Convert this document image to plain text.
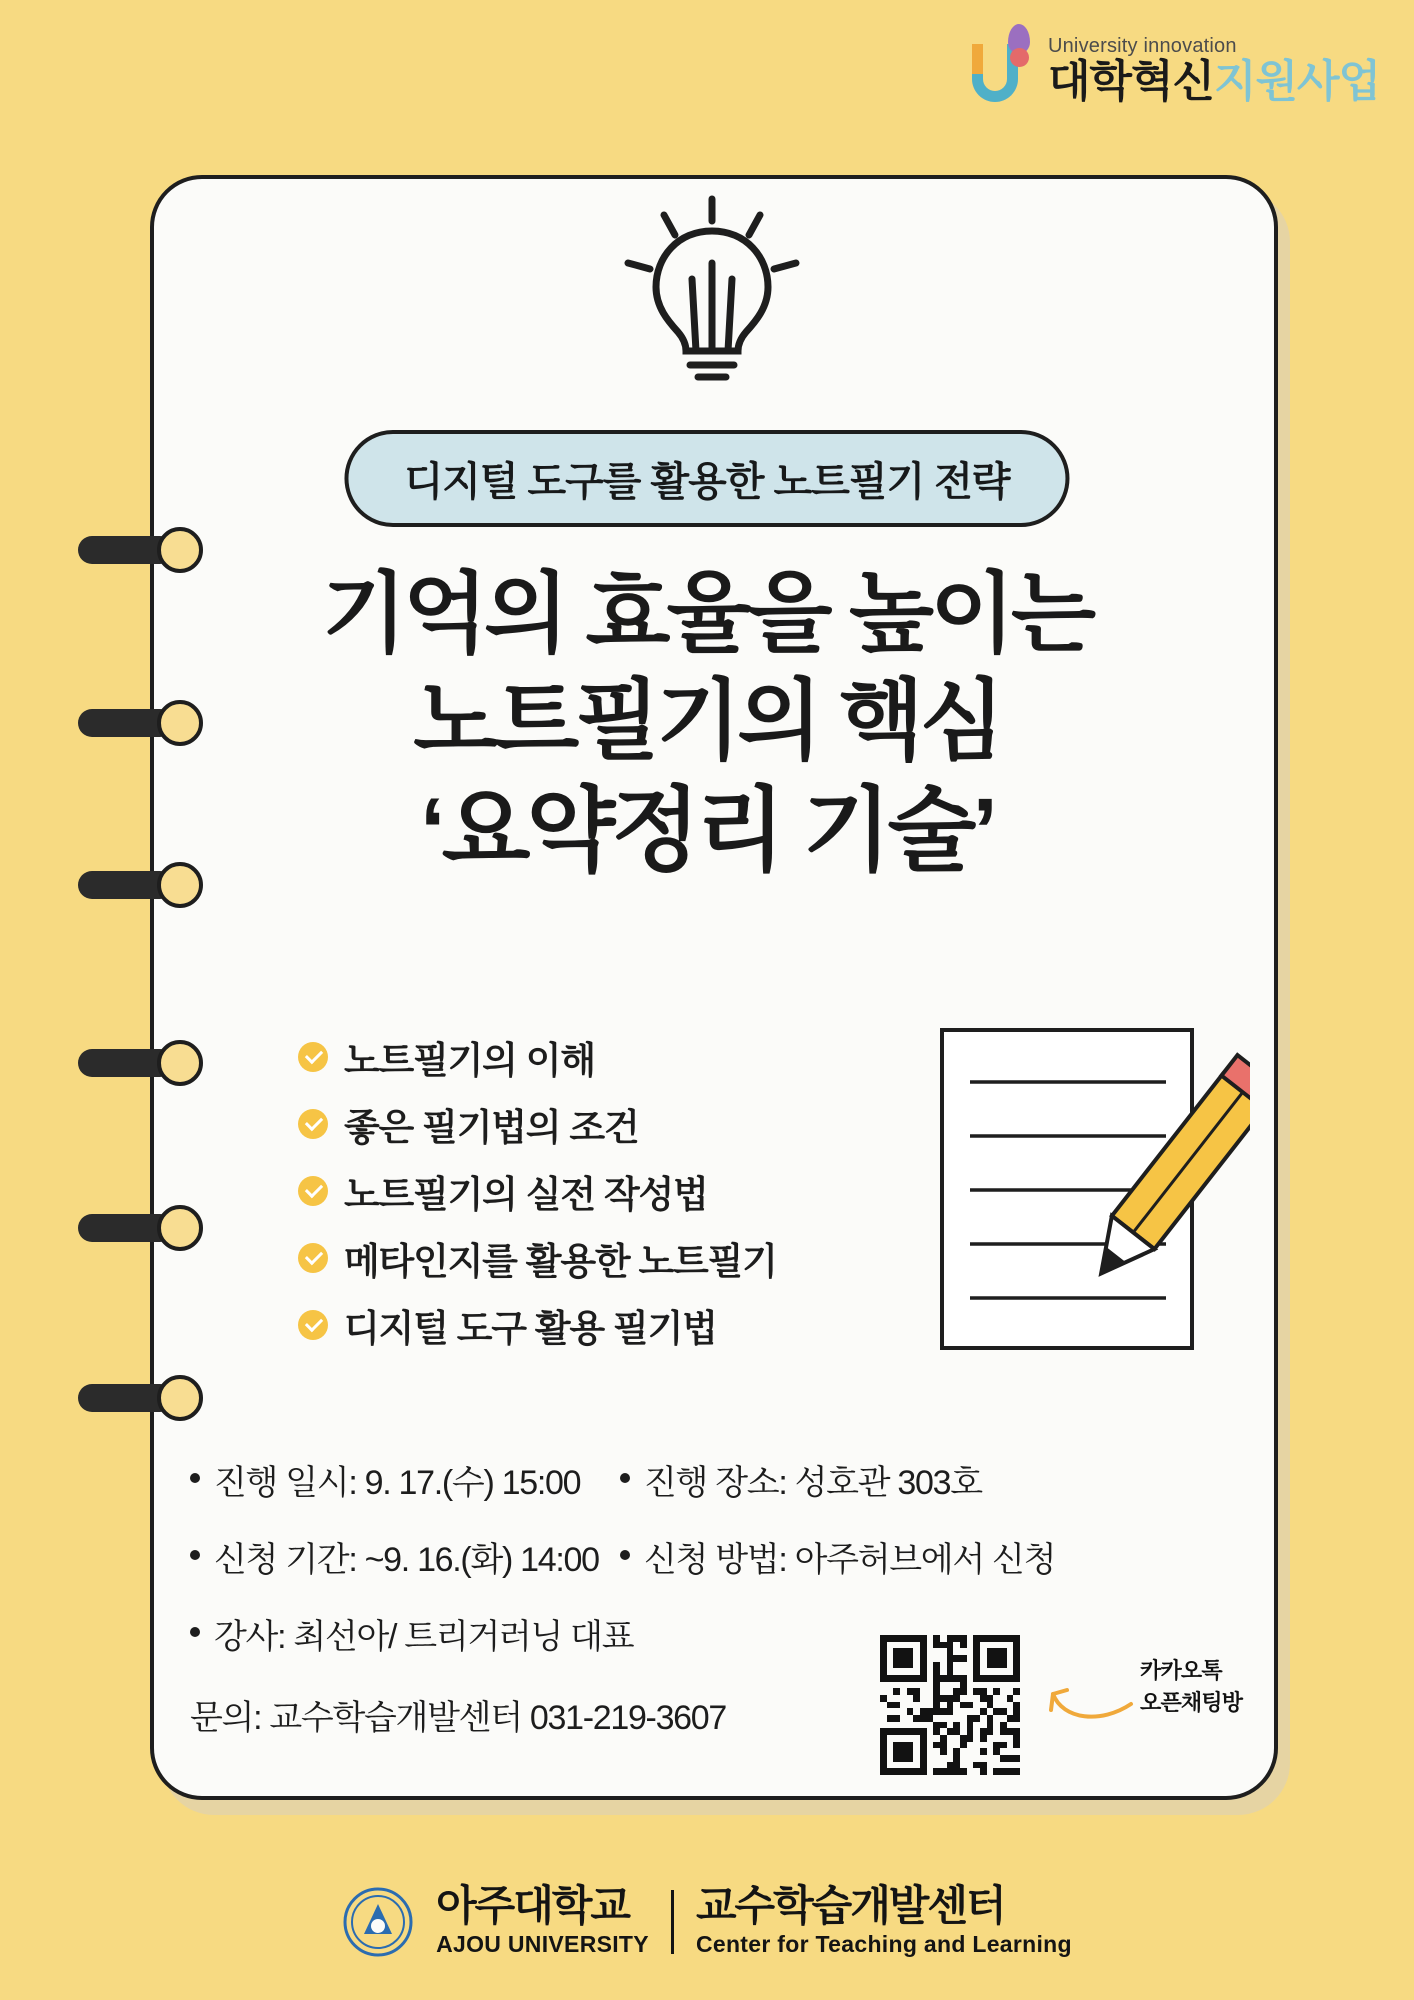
University innovation
대학혁신지원사업
디지털 도구를 활용한 노트필기 전략
기억의 효율을 높이는
노트필기의 핵심
‘요약정리 기술’
노트필기의 이해
좋은 필기법의 조건
노트필기의 실전 작성법
메타인지를 활용한 노트필기
디지털 도구 활용 필기법
진행 일시: 9. 17.(수) 15:00 진행 장소: 성호관 303호
신청 기간: ~9. 16.(화) 14:00 신청 방법: 아주허브에서 신청
강사: 최선아/ 트리거러닝 대표
문의: 교수학습개발센터 031-219-3607
카카오톡
오픈채팅방
아주대학교
AJOU UNIVERSITY
교수학습개발센터
Center for Teaching and Learning
